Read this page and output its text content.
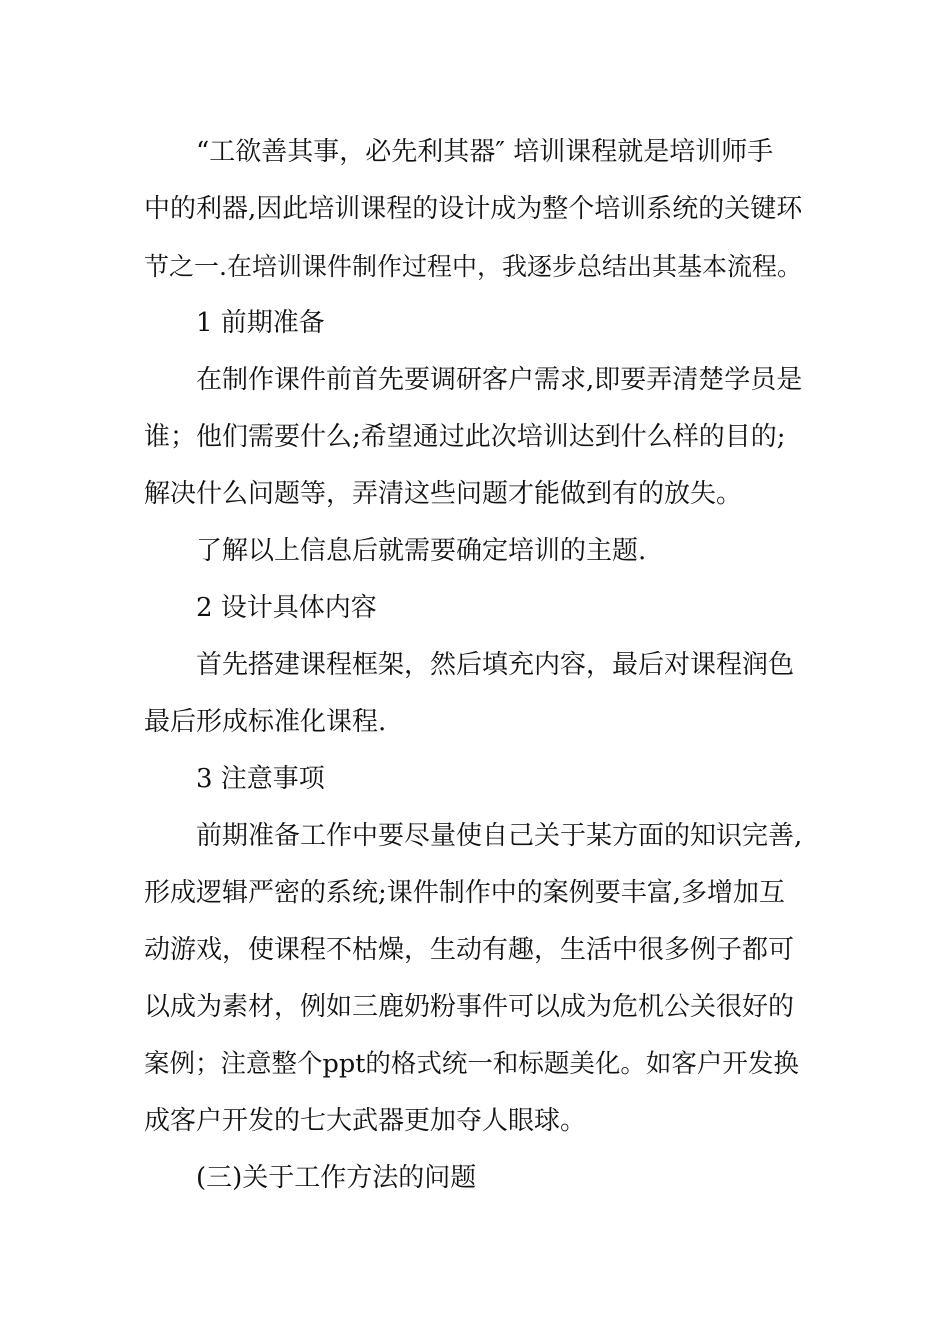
“工欲善其事，必先利其器″ 培训课程就是培训师手
中的利器,因此培训课程的设计成为整个培训系统的关键环
节之一.在培训课件制作过程中，我逐步总结出其基本流程。
1 前期准备
在制作课件前首先要调研客户需求,即要弄清楚学员是
谁；他们需要什么;希望通过此次培训达到什么样的目的;
解决什么问题等，弄清这些问题才能做到有的放失。
了解以上信息后就需要确定培训的主题.
2 设计具体内容
首先搭建课程框架，然后填充内容，最后对课程润色
最后形成标准化课程.
3 注意事项
前期准备工作中要尽量使自己关于某方面的知识完善,
形成逻辑严密的系统;课件制作中的案例要丰富,多增加互
动游戏，使课程不枯燥，生动有趣，生活中很多例子都可
以成为素材，例如三鹿奶粉事件可以成为危机公关很好的
案例；注意整个ppt的格式统一和标题美化。如客户开发换
成客户开发的七大武器更加夺人眼球。
(三)关于工作方法的问题
